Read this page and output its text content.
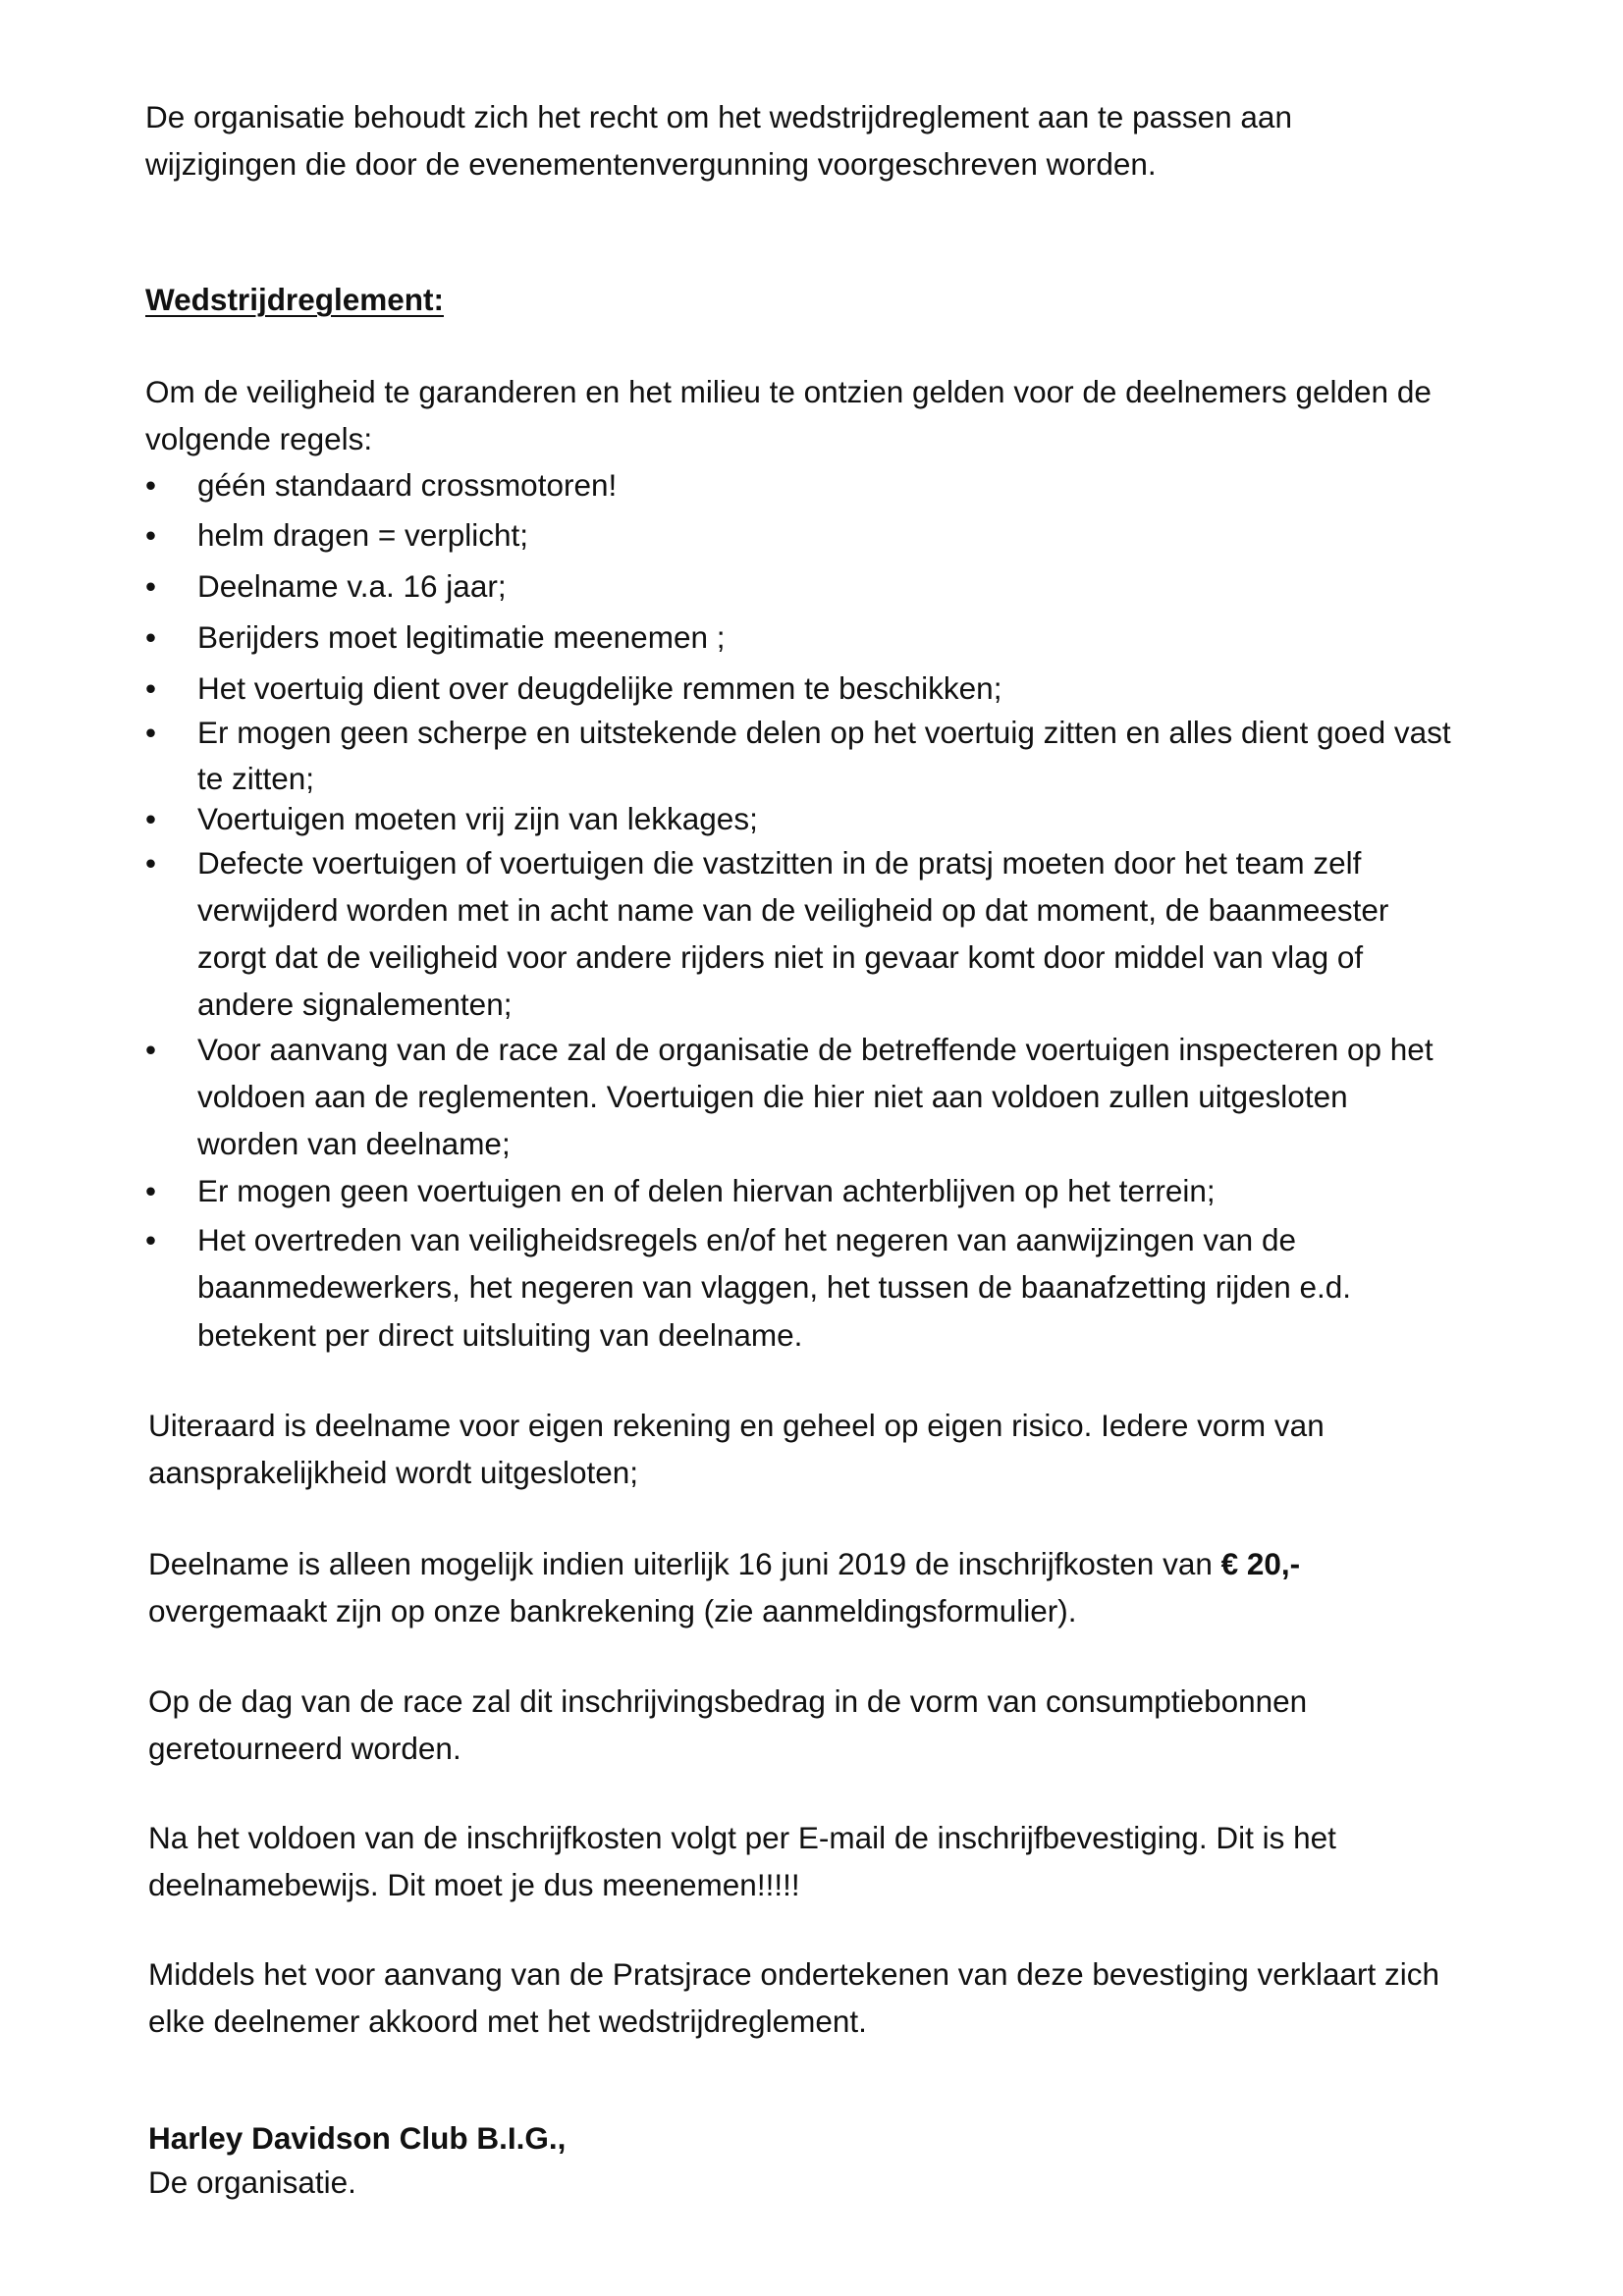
De organisatie behoudt zich het recht om het wedstrijdreglement aan te passen aan

wijzigingen die door de evenementenvergunning voorgeschreven worden.

Wedstrijdreglement:

Om de veiligheid te garanderen en het milieu te ontzien gelden voor de deelnemers gelden de

volgende regels:

• géén standaard crossmotoren!

• helm dragen = verplicht;

• Deelname v.a. 16 jaar;

• Berijders moet legitimatie meenemen ;

• Het voertuig dient over deugdelijke remmen te beschikken;

• Er mogen geen scherpe en uitstekende delen op het voertuig zitten en alles dient goed vast

te zitten;

• Voertuigen moeten vrij zijn van lekkages;

• Defecte voertuigen of voertuigen die vastzitten in de pratsj moeten door het team zelf

verwijderd worden met in acht name van de veiligheid op dat moment, de baanmeester

zorgt dat de veiligheid voor andere rijders niet in gevaar komt door middel van vlag of

andere signalementen;

• Voor aanvang van de race zal de organisatie de betreffende voertuigen inspecteren op het

voldoen aan de reglementen. Voertuigen die hier niet aan voldoen zullen uitgesloten

worden van deelname;

• Er mogen geen voertuigen en of delen hiervan achterblijven op het terrein;

• Het overtreden van veiligheidsregels en/of het negeren van aanwijzingen van de

baanmedewerkers, het negeren van vlaggen, het tussen de baanafzetting rijden e.d.

betekent per direct uitsluiting van deelname.

Uiteraard is deelname voor eigen rekening en geheel op eigen risico. Iedere vorm van

aansprakelijkheid wordt uitgesloten;

Deelname is alleen mogelijk indien uiterlijk 16 juni 2019 de inschrijfkosten van € 20,-

overgemaakt zijn op onze bankrekening (zie aanmeldingsformulier).

Op de dag van de race zal dit inschrijvingsbedrag in de vorm van consumptiebonnen

geretourneerd worden.

Na het voldoen van de inschrijfkosten volgt per E-mail de inschrijfbevestiging. Dit is het

deelnamebewijs. Dit moet je dus meenemen!!!!!

Middels het voor aanvang van de Pratsjrace ondertekenen van deze bevestiging verklaart zich

elke deelnemer akkoord met het wedstrijdreglement.

Harley Davidson Club B.I.G.,

De organisatie.
